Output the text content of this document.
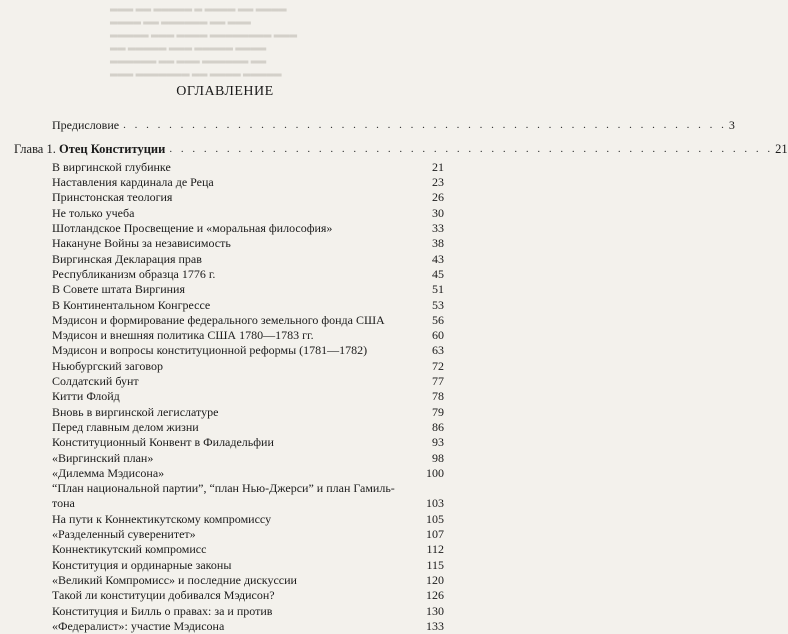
▂▂▂ ▂▂ ▂▂▂▂▂ ▂ ▂▂▂▂ ▂▂ ▂▂▂▂
▂▂▂▂ ▂▂ ▂▂▂▂▂▂ ▂▂ ▂▂▂
▂▂▂▂▂ ▂▂▂ ▂▂▂▂ ▂▂▂▂▂▂▂▂ ▂▂▂
▂▂ ▂▂▂▂▂ ▂▂▂ ▂▂▂▂▂ ▂▂▂▂
▂▂▂▂▂▂ ▂▂ ▂▂▂ ▂▂▂▂▂▂ ▂▂
▂▂▂ ▂▂▂▂▂▂▂ ▂▂ ▂▂▂▂ ▂▂▂▂▂
ОГЛАВЛЕНИЕ
Предисловие . . . . . . . . . . . . . . . . . . . . . . . . . . . . . . . . . . . . . . . . . . . . . . . . . . . . . 3
Глава 1. Отец Конституции . . . . . . . . . . . . . . . . . . . . . . . . . . . . . . . . . . . . . . . . . . . . . . . . . . . . . 21
В виргинской глубинке	21
Наставления кардинала де Реца	23
Принстонская теология	26
Не только учеба	30
Шотландское Просвещение и «моральная философия»	33
Накануне Войны за независимость	38
Виргинская Декларация прав	43
Республиканизм образца 1776 г.	45
В Совете штата Виргиния	51
В Континентальном Конгрессе	53
Мэдисон и формирование федерального земельного фонда США	56
Мэдисон и внешняя политика США 1780—1783 гг.	60
Мэдисон и вопросы конституционной реформы (1781—1782)	63
Ньюбургский заговор	72
Солдатский бунт	77
Китти Флойд	78
Вновь в виргинской легислатуре	79
Перед главным делом жизни	86
Конституционный Конвент в Филадельфии	93
«Виргинский план»	98
«Дилемма Мэдисона»	100
“План национальной партии”, “план Нью-Джерси” и план Гамиль-
тона	103
На пути к Коннектикутскому компромиссу	105
«Разделенный суверенитет»	107
Коннектикутский компромисс	112
Конституция и ординарные законы	115
«Великий Компромисс» и последние дискуссии	120
Такой ли конституции добивался Мэдисон?	126
Конституция и Билль о правах: за и против	130
«Федералист»: участие Мэдисона	133
